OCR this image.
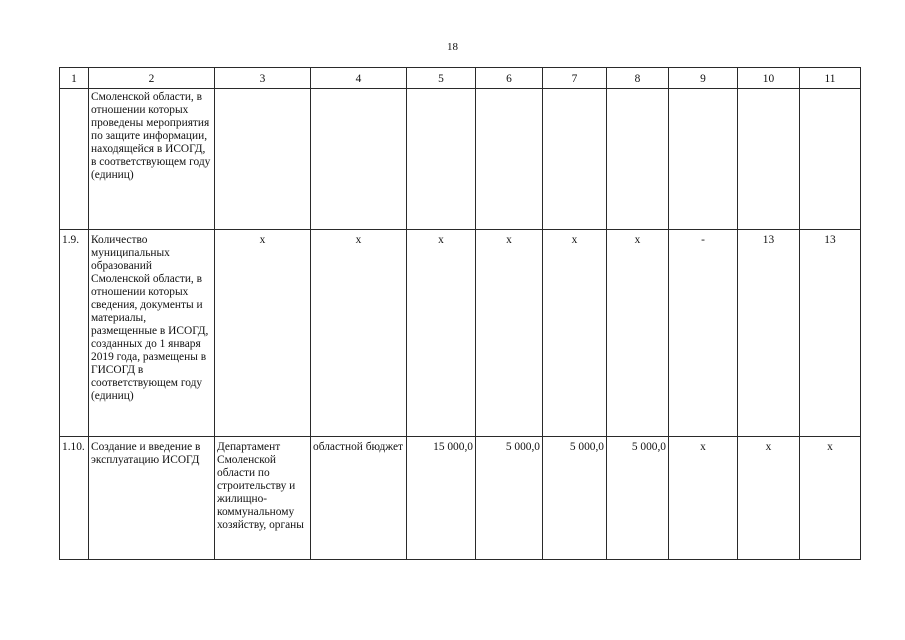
18
1	2	3	4	5	6	7	8	9	10	11
	Смоленской области, в отношении которых проведены мероприятия по защите информации, находящейся в ИСОГД, в соответствующем году (единиц)									
1.9.	Количество муниципальных образований Смоленской области, в отношении которых сведения, документы и материалы, размещенные в ИСОГД, созданных до 1 января 2019 года, размещены в ГИСОГД в соответствующем году (единиц)	x	x	x	x	x	x	-	13	13
1.10.	Создание и введение в эксплуатацию ИСОГД	Департамент Смоленской области по строительству и жилищно-коммунальному хозяйству, органы	областной бюджет	15 000,0	5 000,0	5 000,0	5 000,0	x	x	x
